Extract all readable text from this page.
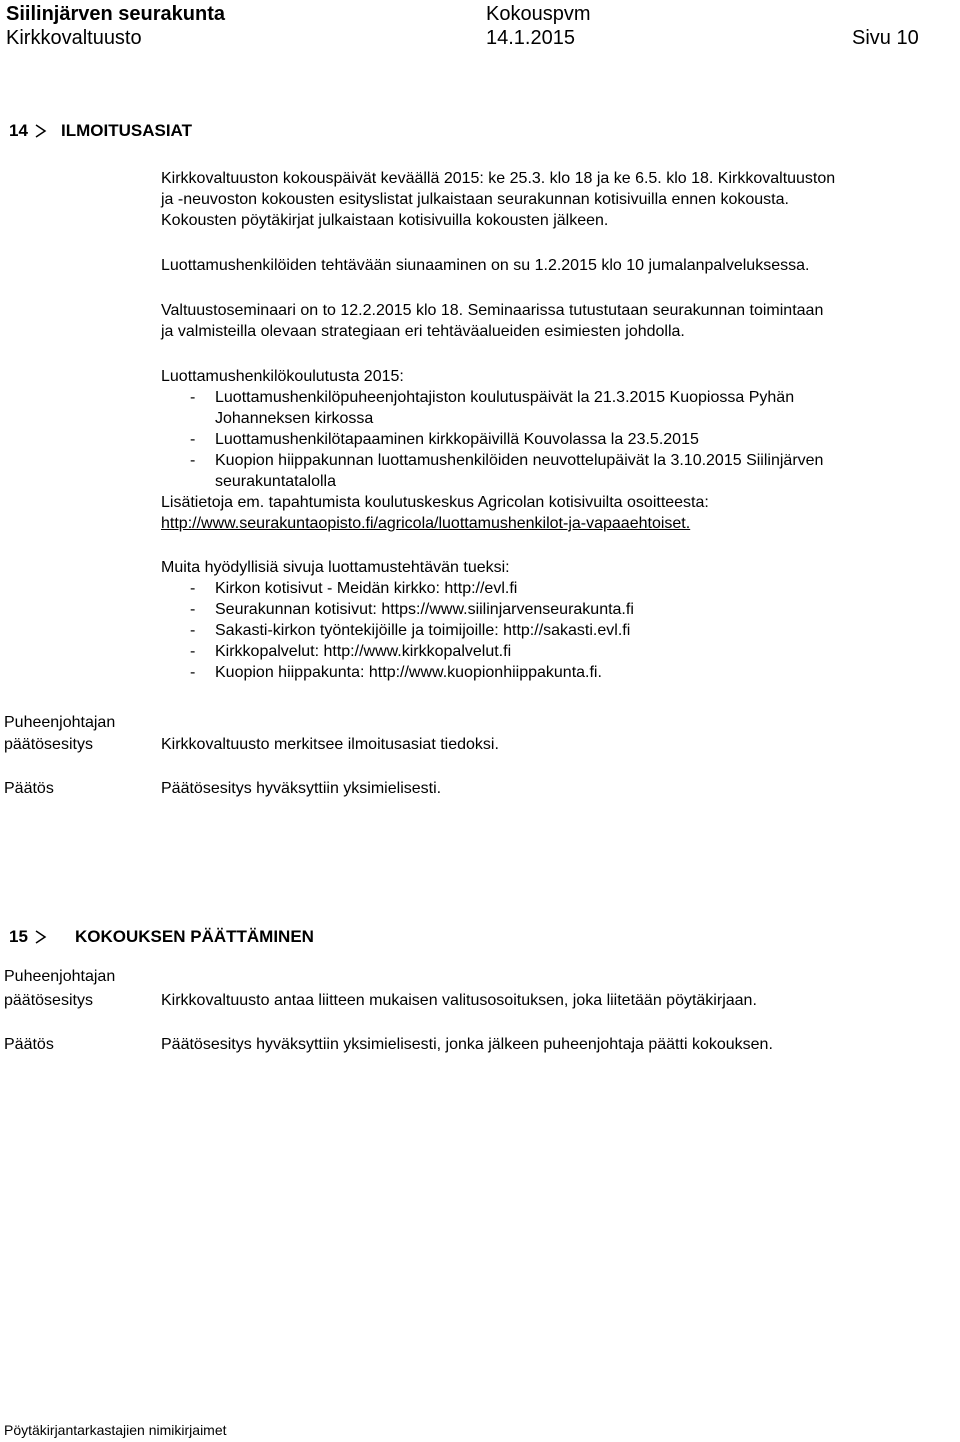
Siilinjärven seurakunta
Kirkkovaltuusto
Kokouspvm
14.1.2015	Sivu 10
14 ILMOITUSASIAT
Kirkkovaltuuston kokouspäivät keväällä 2015: ke 25.3. klo 18 ja ke 6.5. klo 18. Kirkkovaltuuston
ja -neuvoston kokousten esityslistat julkaistaan seurakunnan kotisivuilla ennen kokousta.
Kokousten pöytäkirjat julkaistaan kotisivuilla kokousten jälkeen.
Luottamushenkilöiden tehtävään siunaaminen on su 1.2.2015 klo 10 jumalanpalveluksessa.
Valtuustoseminaari on to 12.2.2015 klo 18. Seminaarissa tutustutaan seurakunnan toimintaan
ja valmisteilla olevaan strategiaan eri tehtäväalueiden esimiesten johdolla.
Luottamushenkilökoulutusta 2015:
- Luottamushenkilöpuheenjohtajiston koulutuspäivät la 21.3.2015 Kuopiossa Pyhän
Johanneksen kirkossa
- Luottamushenkilötapaaminen kirkkopäivillä Kouvolassa la 23.5.2015
- Kuopion hiippakunnan luottamushenkilöiden neuvottelupäivät la 3.10.2015 Siilinjärven
seurakuntatalolla
Lisätietoja em. tapahtumista koulutuskeskus Agricolan kotisivuilta osoitteesta:
http://www.seurakuntaopisto.fi/agricola/luottamushenkilot-ja-vapaaehtoiset.
Muita hyödyllisiä sivuja luottamustehtävän tueksi:
- Kirkon kotisivut - Meidän kirkko: http://evl.fi
- Seurakunnan kotisivut: https://www.siilinjarvenseurakunta.fi
- Sakasti-kirkon työntekijöille ja toimijoille: http://sakasti.evl.fi
- Kirkkopalvelut: http://www.kirkkopalvelut.fi
- Kuopion hiippakunta: http://www.kuopionhiippakunta.fi.
Puheenjohtajan
päätösesitys	Kirkkovaltuusto merkitsee ilmoitusasiat tiedoksi.
Päätös	Päätösesitys hyväksyttiin yksimielisesti.
15	KOKOUKSEN PÄÄTTÄMINEN
Puheenjohtajan
päätösesitys	Kirkkovaltuusto antaa liitteen mukaisen valitusosoituksen, joka liitetään pöytäkirjaan.
Päätös	Päätösesitys hyväksyttiin yksimielisesti, jonka jälkeen puheenjohtaja päätti kokouksen.
Pöytäkirjantarkastajien nimikirjaimet
